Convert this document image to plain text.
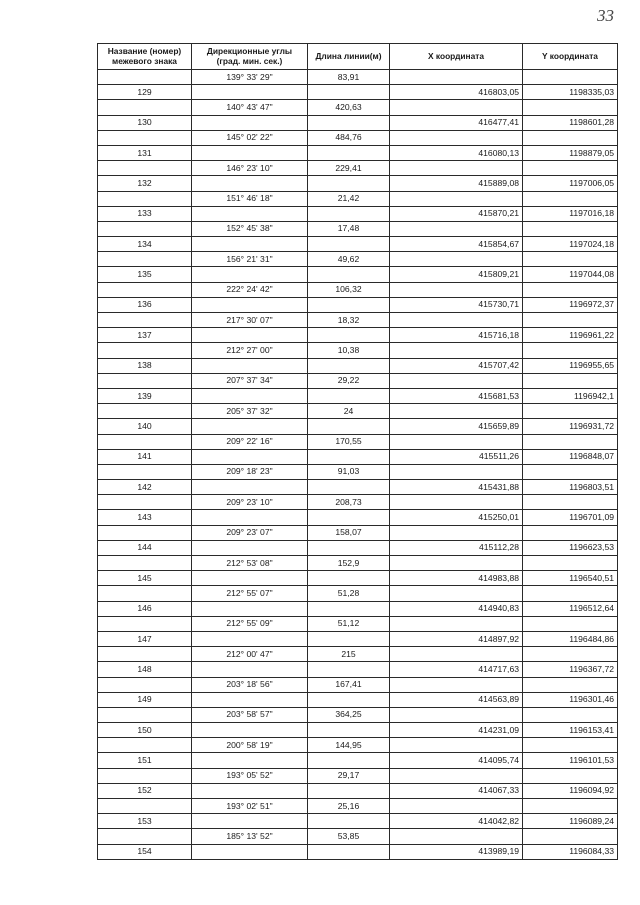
33
Название (номер) межевого знака	Дирекционные углы (град. мин. сек.)	Длина линии(м)	X координата	Y координата
	139° 33' 29"	83,91		
129			416803,05	1198335,03
	140° 43' 47"	420,63		
130			416477,41	1198601,28
	145° 02' 22"	484,76		
131			416080,13	1198879,05
	146° 23' 10"	229,41		
132			415889,08	1197006,05
	151° 46' 18"	21,42		
133			415870,21	1197016,18
	152° 45' 38"	17,48		
134			415854,67	1197024,18
	156° 21' 31"	49,62		
135			415809,21	1197044,08
	222° 24' 42"	106,32		
136			415730,71	1196972,37
	217° 30' 07"	18,32		
137			415716,18	1196961,22
	212° 27' 00"	10,38		
138			415707,42	1196955,65
	207° 37' 34"	29,22		
139			415681,53	1196942,1
	205° 37' 32"	24		
140			415659,89	1196931,72
	209° 22' 16"	170,55		
141			415511,26	1196848,07
	209° 18' 23"	91,03		
142			415431,88	1196803,51
	209° 23' 10"	208,73		
143			415250,01	1196701,09
	209° 23' 07"	158,07		
144			415112,28	1196623,53
	212° 53' 08"	152,9		
145			414983,88	1196540,51
	212° 55' 07"	51,28		
146			414940,83	1196512,64
	212° 55' 09"	51,12		
147			414897,92	1196484,86
	212° 00' 47"	215		
148			414717,63	1196367,72
	203° 18' 56"	167,41		
149			414563,89	1196301,46
	203° 58' 57"	364,25		
150			414231,09	1196153,41
	200° 58' 19"	144,95		
151			414095,74	1196101,53
	193° 05' 52"	29,17		
152			414067,33	1196094,92
	193° 02' 51"	25,16		
153			414042,82	1196089,24
	185° 13' 52"	53,85		
154			413989,19	1196084,33
